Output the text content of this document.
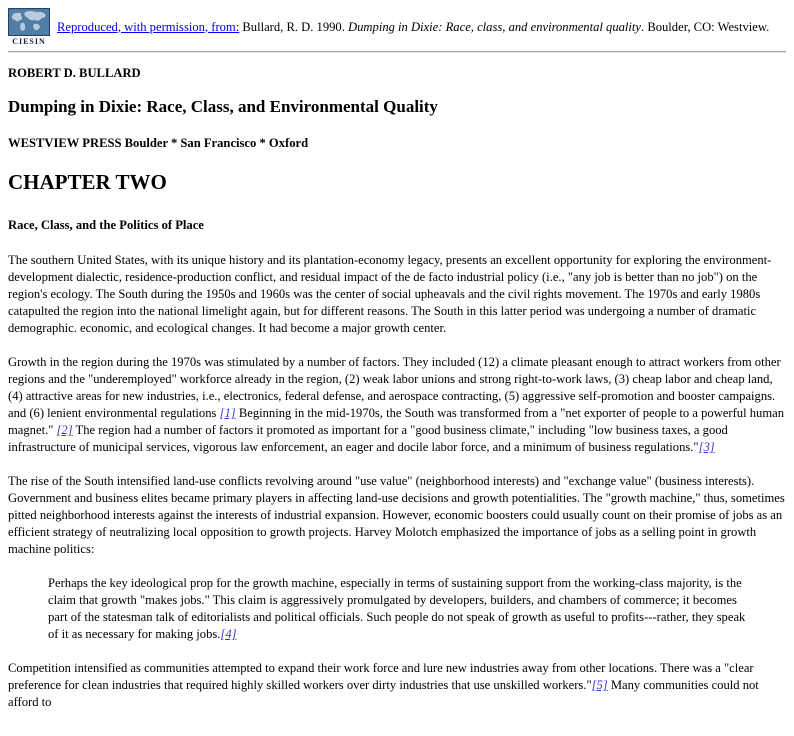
CIESIN

Reproduced, with permission, from: Bullard, R. D. 1990. Dumping in Dixie: Race, class, and environmental quality. Boulder, CO: Westview.

ROBERT D. BULLARD
Dumping in Dixie: Race, Class, and Environmental Quality
WESTVIEW PRESS Boulder * San Francisco * Oxford
CHAPTER TWO
Race, Class, and the Politics of Place

The southern United States, with its unique history and its plantation-economy legacy, presents an excellent opportunity for exploring the environment-development dialectic, residence-production conflict, and residual impact of the de facto industrial policy (i.e., "any job is better than no job") on the region's ecology. The South during the 1950s and 1960s was the center of social upheavals and the civil rights movement. The 1970s and early 1980s catapulted the region into the national limelight again, but for different reasons. The South in this latter period was undergoing a number of dramatic demographic. economic, and ecological changes. It had become a major growth center.

Growth in the region during the 1970s was stimulated by a number of factors. They included (12) a climate pleasant enough to attract workers from other regions and the "underemployed" workforce already in the region, (2) weak labor unions and strong right-to-work laws, (3) cheap labor and cheap land, (4) attractive areas for new industries, i.e., electronics, federal defense, and aerospace contracting, (5) aggressive self-promotion and booster campaigns. and (6) lenient environmental regulations [1] Beginning in the mid-1970s, the South was transformed from a "net exporter of people to a powerful human magnet." [2] The region had a number of factors it promoted as important for a "good business climate," including "low business taxes, a good infrastructure of municipal services, vigorous law enforcement, an eager and docile labor force, and a minimum of business regulations."[3]

The rise of the South intensified land-use conflicts revolving around "use value" (neighborhood interests) and "exchange value" (business interests). Government and business elites became primary players in affecting land-use decisions and growth potentialities. The "growth machine," thus, sometimes pitted neighborhood interests against the interests of industrial expansion. However, economic boosters could usually count on their promise of jobs as an efficient strategy of neutralizing local opposition to growth projects. Harvey Molotch emphasized the importance of jobs as a selling point in growth machine politics:

Perhaps the key ideological prop for the growth machine, especially in terms of sustaining support from the working-class majority, is the claim that growth "makes jobs." This claim is aggressively promulgated by developers, builders, and chambers of commerce; it becomes part of the statesman talk of editorialists and political officials. Such people do not speak of growth as useful to profits---rather, they speak of it as necessary for making jobs.[4]

Competition intensified as communities attempted to expand their work force and lure new industries away from other locations. There was a "clear preference for clean industries that required highly skilled workers over dirty industries that use unskilled workers."[5] Many communities could not afford to
